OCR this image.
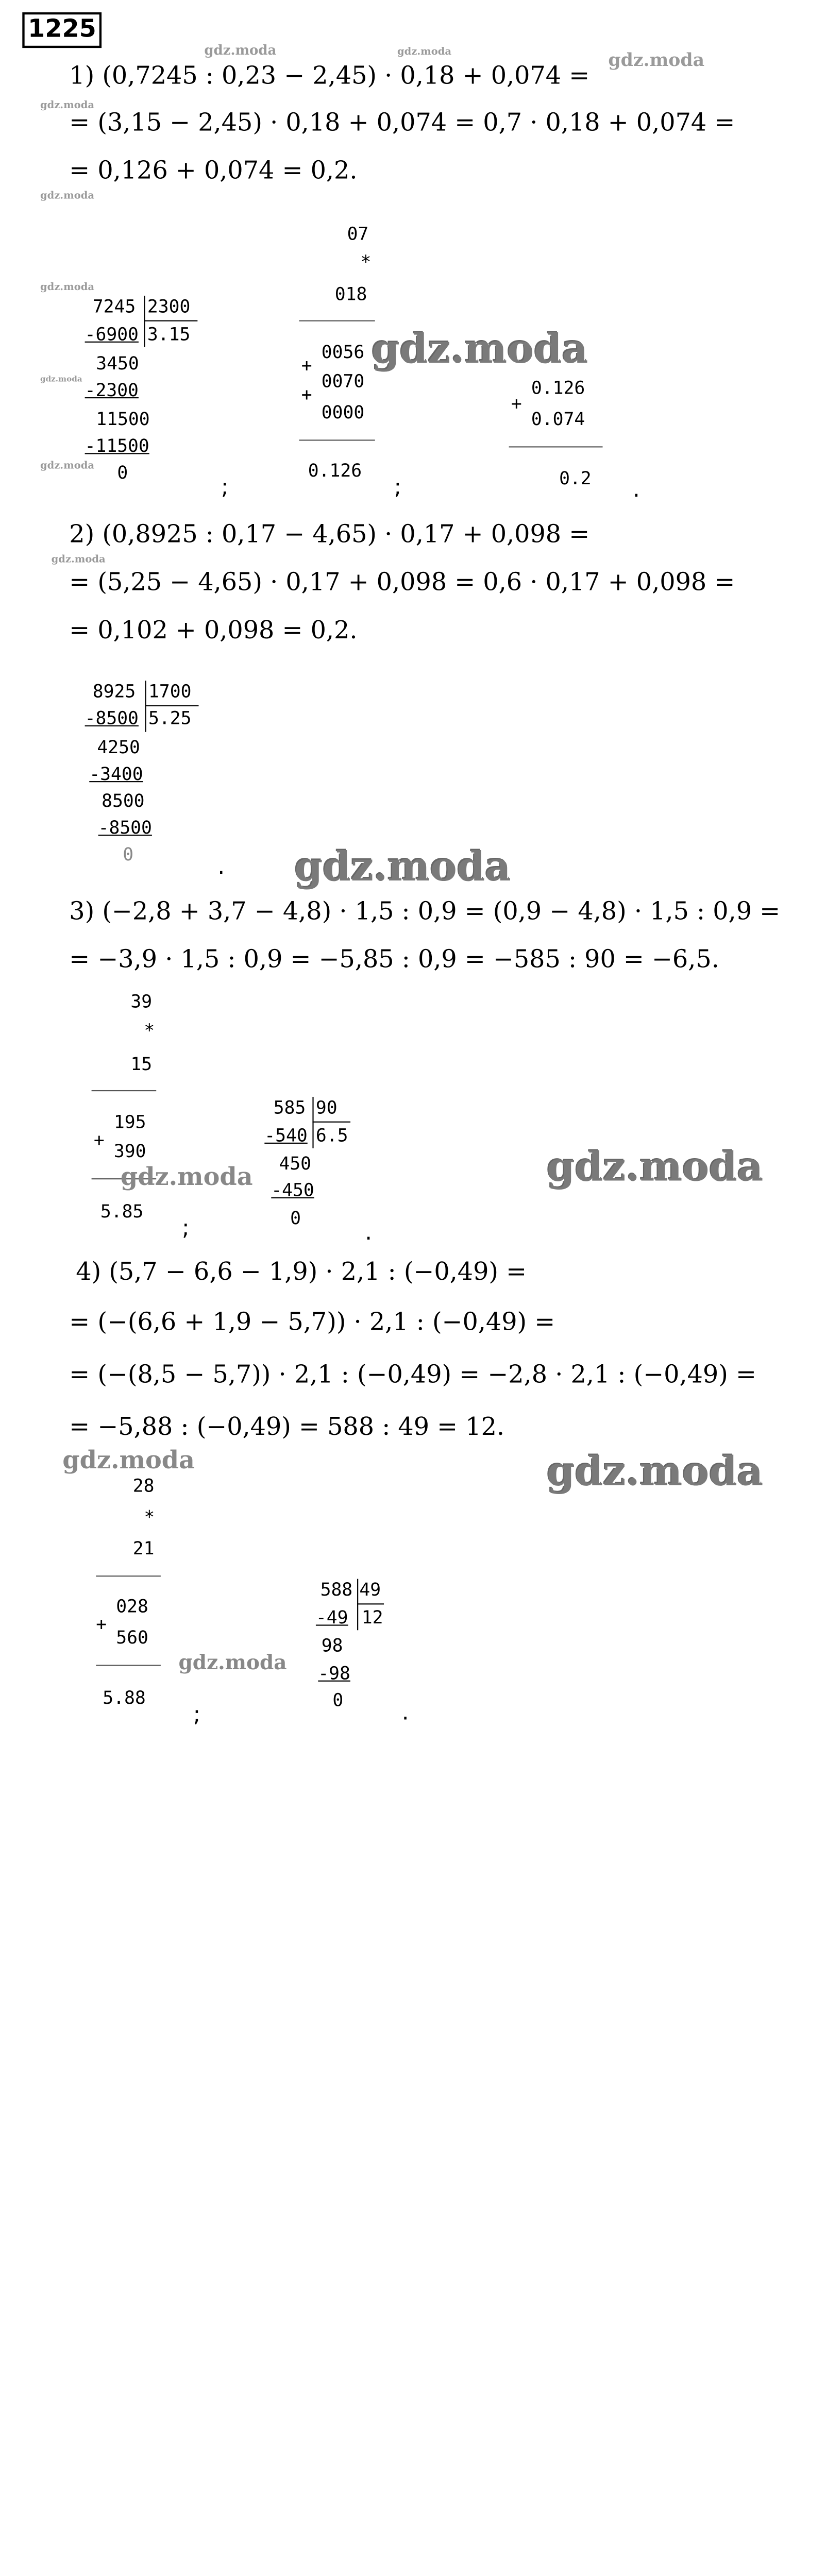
1225
1) (0,7245 : 0,23 − 2,45) · 0,18 + 0,074 =
= (3,15 − 2,45) · 0,18 + 0,074 = 0,7 · 0,18 + 0,074 =
= 0,126 + 0,074 = 0,2.
7245 2300
-6900 3.15
3450
-2300
11500
-11500
0
;
07
*
018
+
0056
+
0070
0000
0.126
;
+
0.126
0.074
0.2	.
2) (0,8925 : 0,17 − 4,65) · 0,17 + 0,098 =
= (5,25 − 4,65) · 0,17 + 0,098 = 0,6 · 0,17 + 0,098 =
= 0,102 + 0,098 = 0,2.
8925 1700
-8500 5.25
4250
-3400
8500
-8500
0	.
3) (−2,8 + 3,7 − 4,8) · 1,5 : 0,9 = (0,9 − 4,8) · 1,5 : 0,9 =
= −3,9 · 1,5 : 0,9 = −5,85 : 0,9 = −585 : 90 = −6,5.
39
*
15
+
195
390
5.85
;
585 90
-540 6.5
450
-450
0
.
4) (5,7 − 6,6 − 1,9) · 2,1 : (−0,49) =
= (−(6,6 + 1,9 − 5,7)) · 2,1 : (−0,49) =
= (−(8,5 − 5,7)) · 2,1 : (−0,49) = −2,8 · 2,1 : (−0,49) =
= −5,88 : (−0,49) = 588 : 49 = 12.
28
*
21
+
028
560
5.88
;
588 49
-49 12
98
-98
0	.
gdz.moda	gdz.moda	gdz.moda
gdz.moda
gdz.moda
gdz.moda
gdz.moda
gdz.moda
gdz.moda
gdz.moda
gdz.moda
gdz.moda	gdz.moda
gdz.moda	gdz.moda
gdz.moda
